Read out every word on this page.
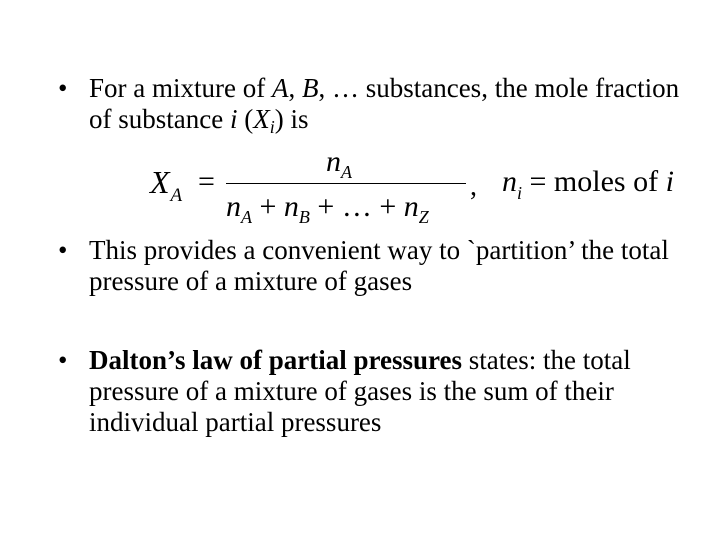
• For a mixture of A, B, … substances, the mole fraction of substance i $(X_i)$ is
$X_A$ =
$n_A$
$n_A + n_B$ + … + $n_Z$
, $n_i$ = moles of i
• This provides a convenient way to `partition’ the total pressure of a mixture of gases
• Dalton’s law of partial pressures states: the total pressure of a mixture of gases is the sum of their individual partial pressures
